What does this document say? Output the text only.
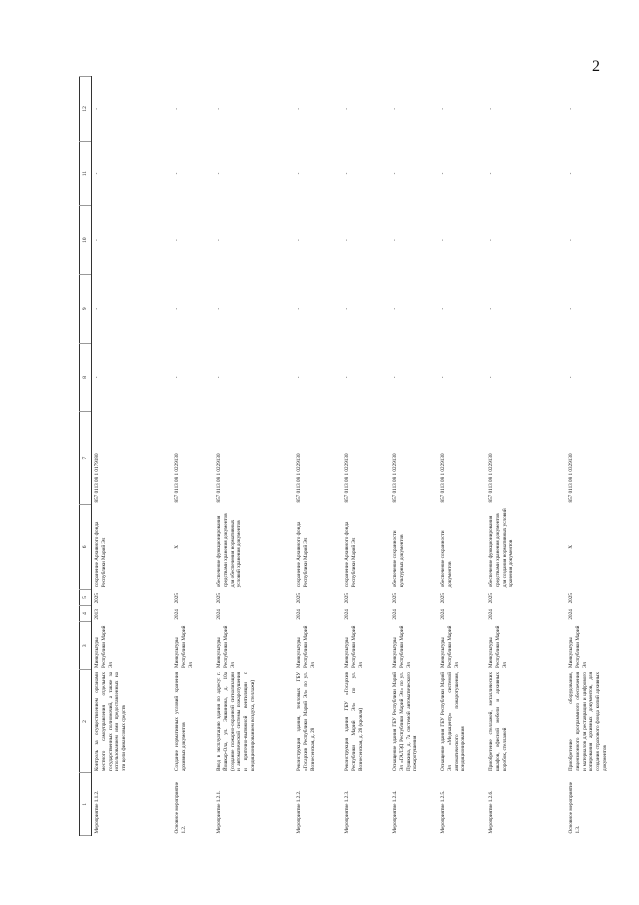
2
1	2	3	4	5	6	7	8	9	10	11	12
Мероприятие 1.1.2.	Контроль за осуществлением органами местного самоуправления отдельных государственных полномочий, а также за использованием ими предоставленных на эти цели финансовых средств	Минкультуры Республики Марий Эл	2013	2025	сохранение Архивного фонда Республики Марий Эл	857 0113 08 1 0179180	-	-	-	-	-
Основное мероприятие 1.2.	Создание нормативных условий хранения архивных документов	Минкультуры Республики Марий Эл	2024	2025	Х	857 0113 08 1 0229130	-	-	-	-	-
Мероприятие 1.2.1.	Ввод в эксплуатацию здания по адресу: г. Йошкар-Ола, ул. Эшкинина, д. 10а (создание пожарно-охранной сигнализации и автоматической системы пожаротушения и приточно-вытяжной вентиляции с кондиционированием воздуха, стеллажи)	Минкультуры Республики Марий Эл	2024	2025	обеспечение функционирования средствами хранения документов для обеспечения нормативных условий хранения документов	857 0113 08 1 0229130	-	-	-	-	-
Мероприятие 1.2.2.	Реконструкция здания, тепловых ГБУ «Госархив Республики Марий Эл» по ул. Вознесенская, д. 28	Минкультуры Республики Марий Эл	2024	2025	сохранение Архивного фонда Республики Марий Эл	857 0113 08 1 0229130	-	-	-	-	-
Мероприятие 1.2.3.	Реконструкция здания ГБУ «Госархив Республики Марий Эл» по ул. Вознесенская, д. 28 (кровля)	Минкультуры Республики Марий Эл	2024	2025	сохранение Архивного фонда Республики Марий Эл	857 0113 08 1 0229130	-	-	-	-	-
Мероприятие 1.2.4.	Оснащение здания ГБУ Республики Марий Эл «ГАЛЭД Республики Марий Эл» по ул. Пушкина, д. 7а системой автоматического пожаротушения	Минкультуры Республики Марий Эл	2024	2025	обеспечение сохранности культурных документов	857 0113 08 1 0229130	-	-	-	-	-
Мероприятие 1.2.5.	Оснащение здания ГБУ Республики Марий Эл «Медиацентр» системой автоматического пожаротушения, кондиционирования	Минкультуры Республики Марий Эл	2024	2025	обеспечение сохранности документов	857 0113 08 1 0229130	-	-	-	-	-
Мероприятие 1.2.6.	Приобретение стеллажей, металлических шкафов, офисной мебели и архивных коробок, стеллажей	Минкультуры Республики Марий Эл	2024	2025	обеспечение функционирования средствами хранения документов для создания нормативных условий хранения документов	857 0113 08 1 0229130	-	-	-	-	-
Основное мероприятие 1.3.	Приобретение оборудования, лицензионного программного обеспечения и материалов для реставрации и цифрового копирования архивных документов, для создания страхового фонда копий архивных документов	Минкультуры Республики Марий Эл	2024	2025	Х	857 0113 08 1 0329130	-	-	-	-	-
